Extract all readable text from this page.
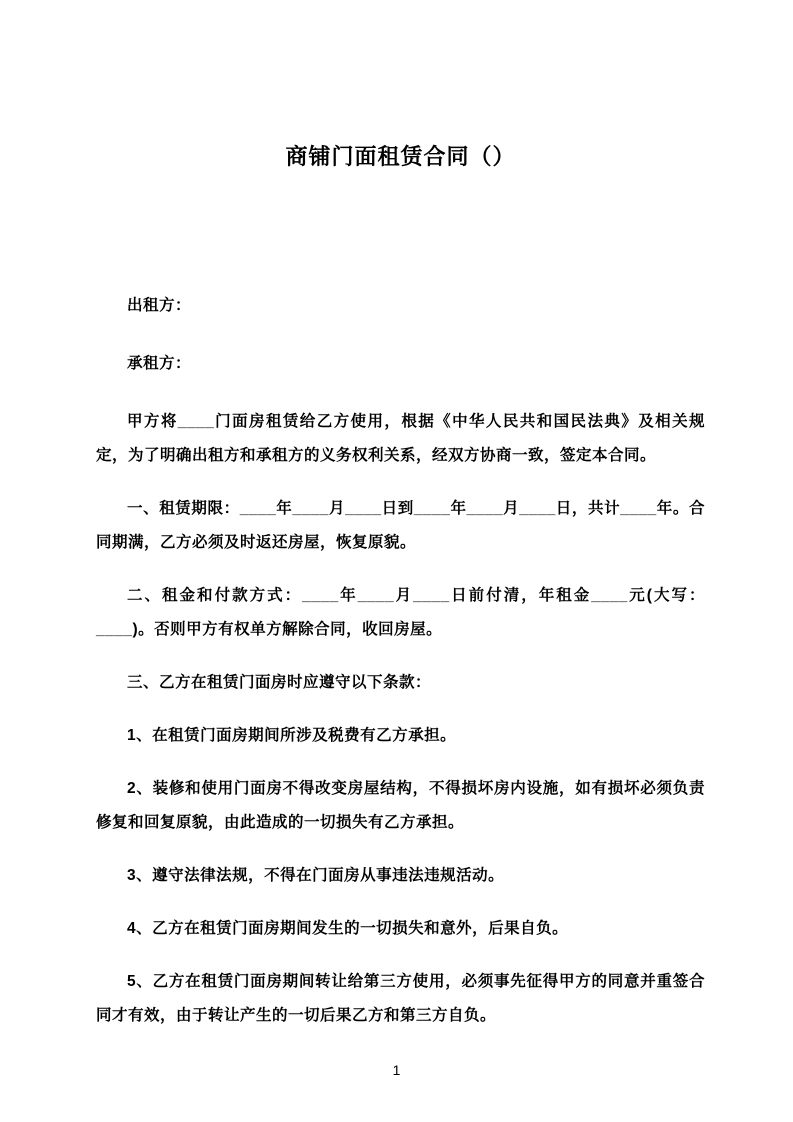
商铺门面租赁合同（）

出租方：

承租方：

甲方将____门面房租赁给乙方使用，根据《中华人民共和国民法典》及相关规定，为了明确出租方和承租方的义务权利关系，经双方协商一致，签定本合同。

一、租赁期限：____年____月____日到____年____月____日，共计____年。合同期满，乙方必须及时返还房屋，恢复原貌。

二、租金和付款方式：____年____月____日前付清，年租金____元(大写：____)。否则甲方有权单方解除合同，收回房屋。

三、乙方在租赁门面房时应遵守以下条款：

1、在租赁门面房期间所涉及税费有乙方承担。

2、装修和使用门面房不得改变房屋结构，不得损坏房内设施，如有损坏必须负责修复和回复原貌，由此造成的一切损失有乙方承担。

3、遵守法律法规，不得在门面房从事违法违规活动。

4、乙方在租赁门面房期间发生的一切损失和意外，后果自负。

5、乙方在租赁门面房期间转让给第三方使用，必须事先征得甲方的同意并重签合同才有效，由于转让产生的一切后果乙方和第三方自负。

1
